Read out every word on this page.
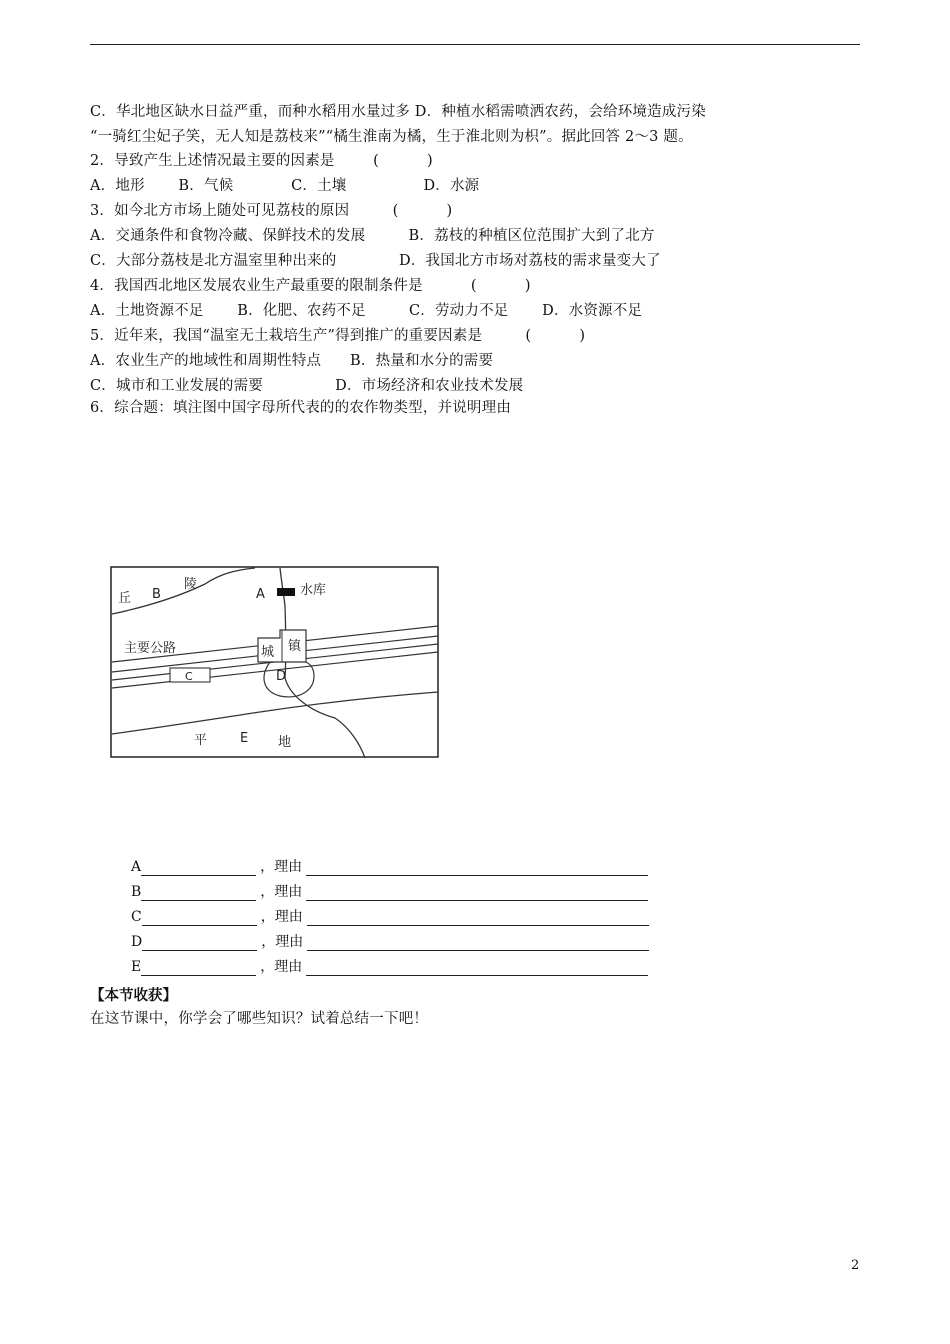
C．华北地区缺水日益严重，而种水稻用水量过多 D．种植水稻需喷洒农药，会给环境造成污染
“一骑红尘妃子笑，无人知是荔枝来”“橘生淮南为橘，生于淮北则为枳”。据此回答 2～3 题。
2．导致产生上述情况最主要的因素是        (          )
A．地形       B．气候            C．土壤                D．水源
3．如今北方市场上随处可见荔枝的原因         (          )
A．交通条件和食物冷藏、保鲜技术的发展         B．荔枝的种植区位范围扩大到了北方
C．大部分荔枝是北方温室里种出来的             D．我国北方市场对荔枝的需求量变大了
4．我国西北地区发展农业生产最重要的限制条件是          (          )
A．土地资源不足       B．化肥、农药不足         C．劳动力不足       D．水资源不足
5．近年来，我国“温室无土栽培生产”得到推广的重要因素是         (          )
A．农业生产的地域性和周期性特点      B．热量和水分的需要
C．城市和工业发展的需要               D．市场经济和农业技术发展
6．综合题：填注图中国字母所代表的的农作物类型，并说明理由
丘 B
陵
A	水库
主要公路	城 镇
C	D
平	E 地
A	，理由
B	，理由
C	，理由
D	，理由
E	，理由
【本节收获】
在这节课中，你学会了哪些知识？试着总结一下吧！
2
